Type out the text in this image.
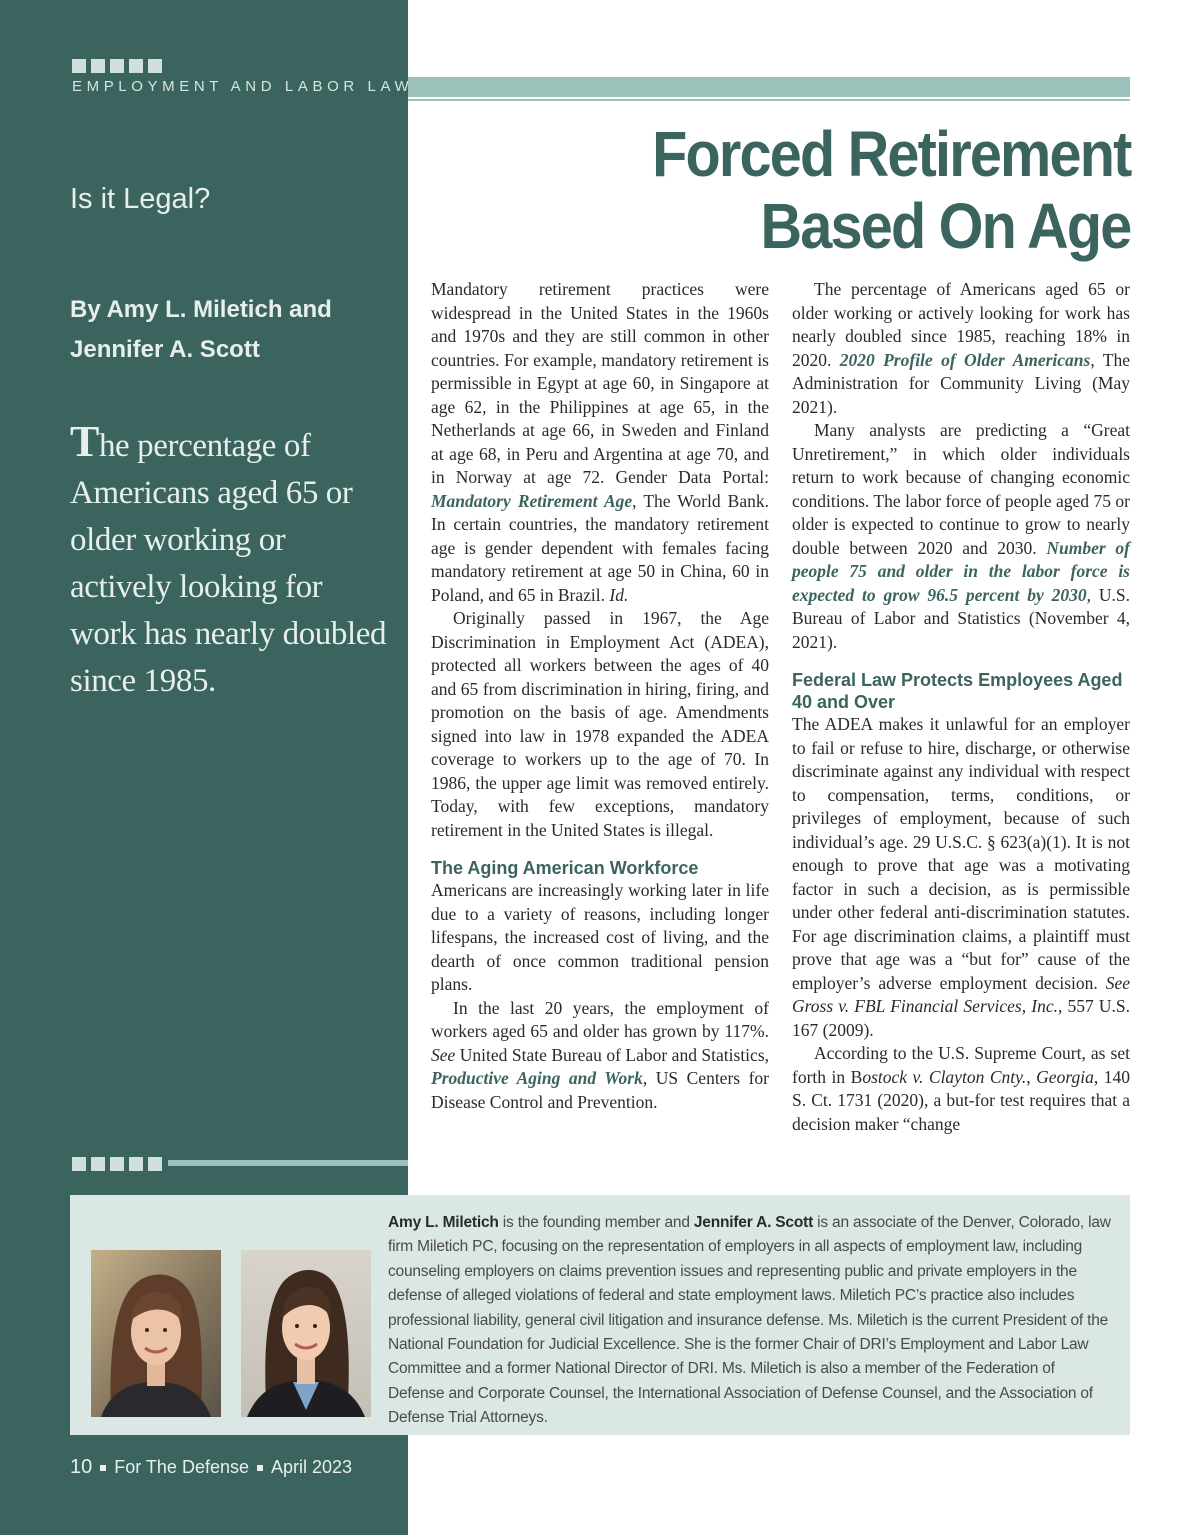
EMPLOYMENT AND LABOR LAW
Is it Legal?
By Amy L. Miletich and
Jennifer A. Scott
The percentage of Americans aged 65 or older working or actively looking for work has nearly doubled since 1985.
Forced Retirement
Based On Age

Mandatory retirement practices were widespread in the United States in the 1960s and 1970s and they are still common in other countries. For example, mandatory retirement is permissible in Egypt at age 60, in Singapore at age 62, in the Philippines at age 65, in the Netherlands at age 66, in Sweden and Finland at age 68, in Peru and Argentina at age 70, and in Norway at age 72. Gender Data Portal: Mandatory Retirement Age, The World Bank. In certain countries, the mandatory retirement age is gender dependent with females facing mandatory retirement at age 50 in China, 60 in Poland, and 65 in Brazil. Id.

Originally passed in 1967, the Age Discrimination in Employment Act (ADEA), protected all workers between the ages of 40 and 65 from discrimination in hiring, firing, and promotion on the basis of age. Amendments signed into law in 1978 expanded the ADEA coverage to workers up to the age of 70. In 1986, the upper age limit was removed entirely. Today, with few exceptions, mandatory retirement in the United States is illegal.

The Aging American Workforce

Americans are increasingly working later in life due to a variety of reasons, including longer lifespans, the increased cost of living, and the dearth of once common traditional pension plans.

In the last 20 years, the employment of workers aged 65 and older has grown by 117%. See United State Bureau of Labor and Statistics, Productive Aging and Work, US Centers for Disease Control and Prevention.

The percentage of Americans aged 65 or older working or actively looking for work has nearly doubled since 1985, reaching 18% in 2020. 2020 Profile of Older Americans, The Administration for Community Living (May 2021).

Many analysts are predicting a “Great Unretirement,” in which older individuals return to work because of changing economic conditions. The labor force of people aged 75 or older is expected to continue to grow to nearly double between 2020 and 2030. Number of people 75 and older in the labor force is expected to grow 96.5 percent by 2030, U.S. Bureau of Labor and Statistics (November 4, 2021).

Federal Law Protects Employees Aged 40 and Over

The ADEA makes it unlawful for an employer to fail or refuse to hire, discharge, or otherwise discriminate against any individual with respect to compensation, terms, conditions, or privileges of employment, because of such individual’s age. 29 U.S.C. § 623(a)(1). It is not enough to prove that age was a motivating factor in such a decision, as is permissible under other federal anti-discrimination statutes. For age discrimination claims, a plaintiff must prove that age was a “but for” cause of the employer’s adverse employment decision. See Gross v. FBL Financial Services, Inc., 557 U.S. 167 (2009).

According to the U.S. Supreme Court, as set forth in Bostock v. Clayton Cnty., Georgia, 140 S. Ct. 1731 (2020), a but-for test requires that a decision maker “change

Amy L. Miletich is the founding member and Jennifer A. Scott is an associate of the Denver, Colorado, law firm Miletich PC, focusing on the representation of employers in all aspects of employment law, including counseling employers on claims prevention issues and representing public and private employers in the defense of alleged violations of federal and state employment laws. Miletich PC’s practice also includes professional liability, general civil litigation and insurance defense. Ms. Miletich is the current President of the National Foundation for Judicial Excellence. She is the former Chair of DRI’s Employment and Labor Law Committee and a former National Director of DRI. Ms. Miletich is also a member of the Federation of Defense and Corporate Counsel, the International Association of Defense Counsel, and the Association of Defense Trial Attorneys.
10 For The Defense April 2023
